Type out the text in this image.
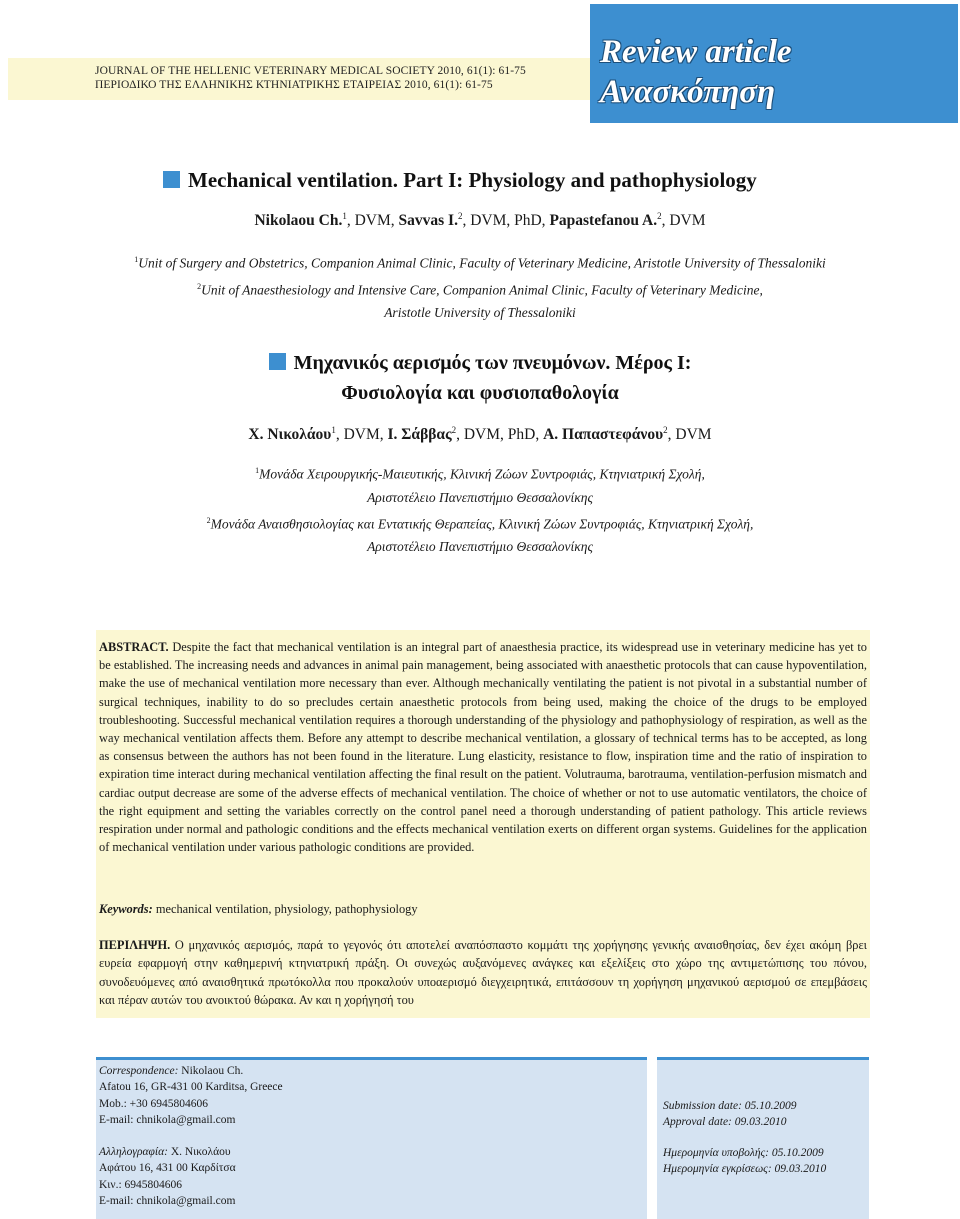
JOURNAL OF THE HELLENIC VETERINARY MEDICAL SOCIETY 2010, 61(1): 61-75
ΠΕΡΙΟΔΙΚΟ ΤΗΣ ΕΛΛΗΝΙΚΗΣ ΚΤΗΝΙΑΤΡΙΚΗΣ ΕΤΑΙΡΕΙΑΣ 2010, 61(1): 61-75
Review article
Ανασκόπηση
Mechanical ventilation. Part I: Physiology and pathophysiology
Nikolaou Ch.$^1$, DVM, Savvas I.$^2$, DVM, PhD, Papastefanou A.$^2$, DVM
$^1$Unit of Surgery and Obstetrics, Companion Animal Clinic, Faculty of Veterinary Medicine, Aristotle University of Thessaloniki
$^2$Unit of Anaesthesiology and Intensive Care, Companion Animal Clinic, Faculty of Veterinary Medicine,
Aristotle University of Thessaloniki
Μηχανικός αερισμός των πνευμόνων. Μέρος Ι:
Φυσιολογία και φυσιοπαθολογία
Χ. Νικολάου$^1$, DVM, Ι. Σάββας$^2$, DVM, PhD, Α. Παπαστεφάνου$^2$, DVM
$^1$Μονάδα Χειρουργικής-Μαιευτικής, Κλινική Ζώων Συντροφιάς, Κτηνιατρική Σχολή,
Αριστοτέλειο Πανεπιστήμιο Θεσσαλονίκης
$^2$Μονάδα Αναισθησιολογίας και Εντατικής Θεραπείας, Κλινική Ζώων Συντροφιάς, Κτηνιατρική Σχολή,
Αριστοτέλειο Πανεπιστήμιο Θεσσαλονίκης
ABSTRACT. Despite the fact that mechanical ventilation is an integral part of anaesthesia practice, its widespread use in veterinary medicine has yet to be established. The increasing needs and advances in animal pain management, being associated with anaesthetic protocols that can cause hypoventilation, make the use of mechanical ventilation more necessary than ever. Although mechanically ventilating the patient is not pivotal in a substantial number of surgical techniques, inability to do so precludes certain anaesthetic protocols from being used, making the choice of the drugs to be employed troubleshooting. Successful mechanical ventilation requires a thorough understanding of the physiology and pathophysiology of respiration, as well as the way mechanical ventilation affects them. Before any attempt to describe mechanical ventilation, a glossary of technical terms has to be accepted, as long as consensus between the authors has not been found in the literature. Lung elasticity, resistance to flow, inspiration time and the ratio of inspiration to expiration time interact during mechanical ventilation affecting the final result on the patient. Volutrauma, barotrauma, ventilation-perfusion mismatch and cardiac output decrease are some of the adverse effects of mechanical ventilation. The choice of whether or not to use automatic ventilators, the choice of the right equipment and setting the variables correctly on the control panel need a thorough understanding of patient pathology. This article reviews respiration under normal and pathologic conditions and the effects mechanical ventilation exerts on different organ systems. Guidelines for the application of mechanical ventilation under various pathologic conditions are provided.
Keywords: mechanical ventilation, physiology, pathophysiology
ΠΕΡΙΛΗΨΗ. Ο μηχανικός αερισμός, παρά το γεγονός ότι αποτελεί αναπόσπαστο κομμάτι της χορήγησης γενικής αναισθησίας, δεν έχει ακόμη βρει ευρεία εφαρμογή στην καθημερινή κτηνιατρική πράξη. Οι συνεχώς αυξανόμενες ανάγκες και εξελίξεις στο χώρο της αντιμετώπισης του πόνου, συνοδευόμενες από αναισθητικά πρωτόκολλα που προκαλούν υποαερισμό διεγχειρητικά, επιτάσσουν τη χορήγηση μηχανικού αερισμού σε επεμβάσεις και πέραν αυτών του ανοικτού θώρακα. Αν και η χορήγησή του
Correspondence: Nikolaou Ch.
Afatou 16, GR-431 00 Karditsa, Greece
Mob.: +30 6945804606
E-mail: chnikola@gmail.com
Αλληλογραφία: Χ. Νικολάου
Αφάτου 16, 431 00 Καρδίτσα
Κιν.: 6945804606
E-mail: chnikola@gmail.com
Submission date: 05.10.2009
Approval date: 09.03.2010
Ημερομηνία υποβολής: 05.10.2009
Ημερομηνία εγκρίσεως: 09.03.2010
